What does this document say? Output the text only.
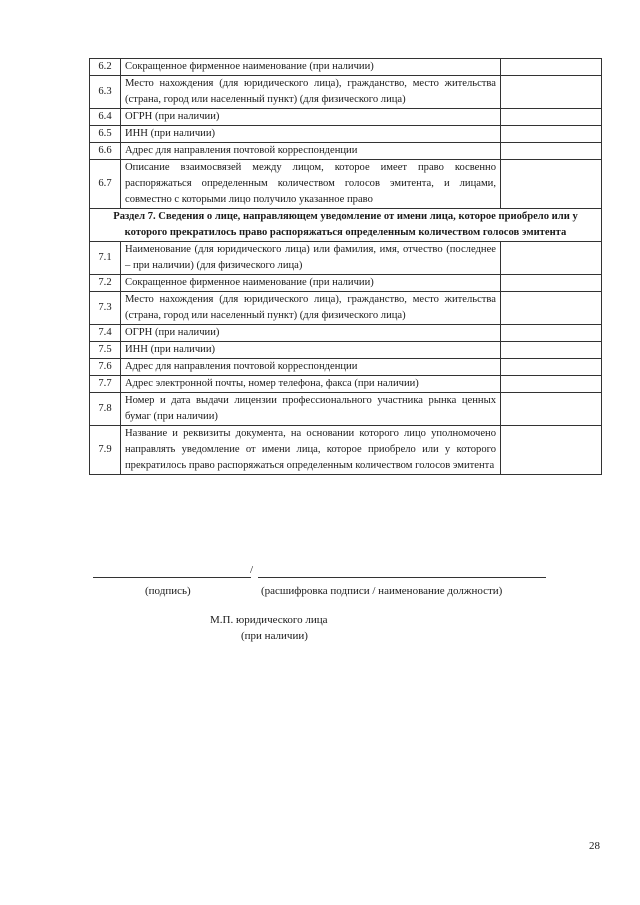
6.2	Сокращенное фирменное наименование (при наличии)	
6.3	Место нахождения (для юридического лица), гражданство, место жительства (страна, город или населенный пункт) (для физического лица)	
6.4	ОГРН (при наличии)	
6.5	ИНН (при наличии)	
6.6	Адрес для направления почтовой корреспонденции	
6.7	Описание взаимосвязей между лицом, которое имеет право косвенно распоряжаться определенным количеством голосов эмитента, и лицами, совместно с которыми лицо получило указанное право	
Раздел 7. Сведения о лице, направляющем уведомление от имени лица, которое приобрело или у которого прекратилось право распоряжаться определенным количеством голосов эмитента		
7.1	Наименование (для юридического лица) или фамилия, имя, отчество (последнее – при наличии) (для физического лица)	
7.2	Сокращенное фирменное наименование (при наличии)	
7.3	Место нахождения (для юридического лица), гражданство, место жительства (страна, город или населенный пункт) (для физического лица)	
7.4	ОГРН (при наличии)	
7.5	ИНН (при наличии)	
7.6	Адрес для направления почтовой корреспонденции	
7.7	Адрес электронной почты, номер телефона, факса (при наличии)	
7.8	Номер и дата выдачи лицензии профессионального участника рынка ценных бумаг (при наличии)	
7.9	Название и реквизиты документа, на основании которого лицо уполномочено направлять уведомление от имени лица, которое приобрело или у которого прекратилось право распоряжаться определенным количеством голосов эмитента	
/
(подпись)	(расшифровка подписи / наименование должности)
М.П. юридического лица
(при наличии)
28
